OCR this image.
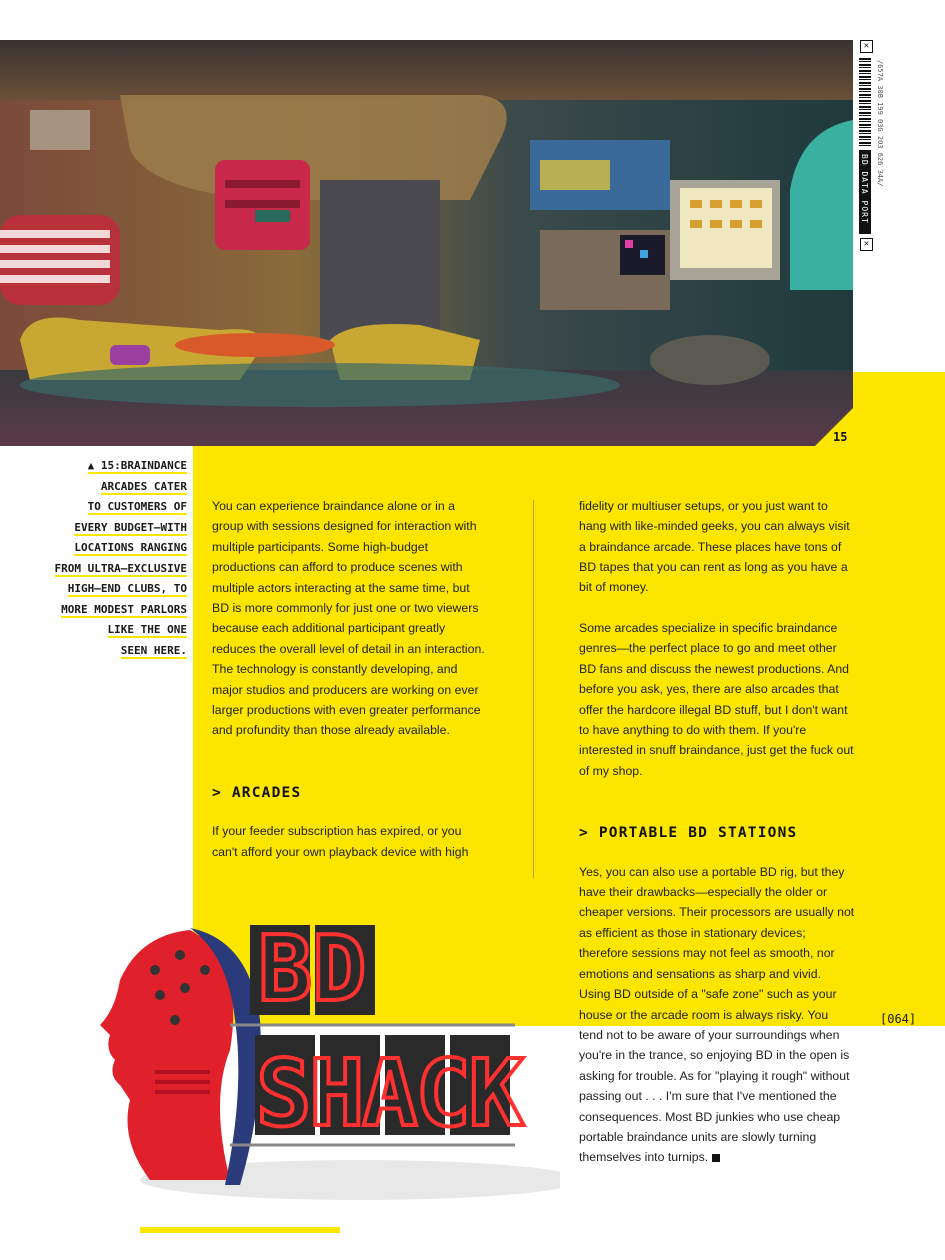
15
✕
BD DATA PORT
✕
/657A 30B 199 03G 2O3 626 34A/
▲ 15:BRAINDANCE
ARCADES CATER
TO CUSTOMERS OF
EVERY BUDGET—WITH
LOCATIONS RANGING
FROM ULTRA—EXCLUSIVE
HIGH—END CLUBS, TO
MORE MODEST PARLORS
LIKE THE ONE
SEEN HERE.

You can experience braindance alone or in a group with sessions designed for interaction with multiple participants. Some high-budget productions can afford to produce scenes with multiple actors interacting at the same time, but BD is more commonly for just one or two viewers because each additional participant greatly reduces the overall level of detail in an interaction. The technology is constantly developing, and major studios and producers are working on ever larger productions with even greater performance and profundity than those already available.

> ARCADES

If your feeder subscription has expired, or you can't afford your own playback device with high

fidelity or multiuser setups, or you just want to hang with like-minded geeks, you can always visit a braindance arcade. These places have tons of BD tapes that you can rent as long as you have a bit of money.

Some arcades specialize in specific braindance genres—the perfect place to go and meet other BD fans and discuss the newest productions. And before you ask, yes, there are also arcades that offer the hardcore illegal BD stuff, but I don't want to have anything to do with them. If you're interested in snuff braindance, just get the fuck out of my shop.

> PORTABLE BD STATIONS

Yes, you can also use a portable BD rig, but they have their drawbacks—especially the older or cheaper versions. Their processors are usually not as efficient as those in stationary devices; therefore sessions may not feel as smooth, nor emotions and sensations as sharp and vivid. Using BD outside of a "safe zone" such as your house or the arcade room is always risky. You tend not to be aware of your surroundings when you're in the trance, so enjoying BD in the open is asking for trouble. As for "playing it rough" without passing out . . . I'm sure that I've mentioned the consequences. Most BD junkies who use cheap portable braindance units are slowly turning themselves into turnips.

[064]
BD
SHACK
